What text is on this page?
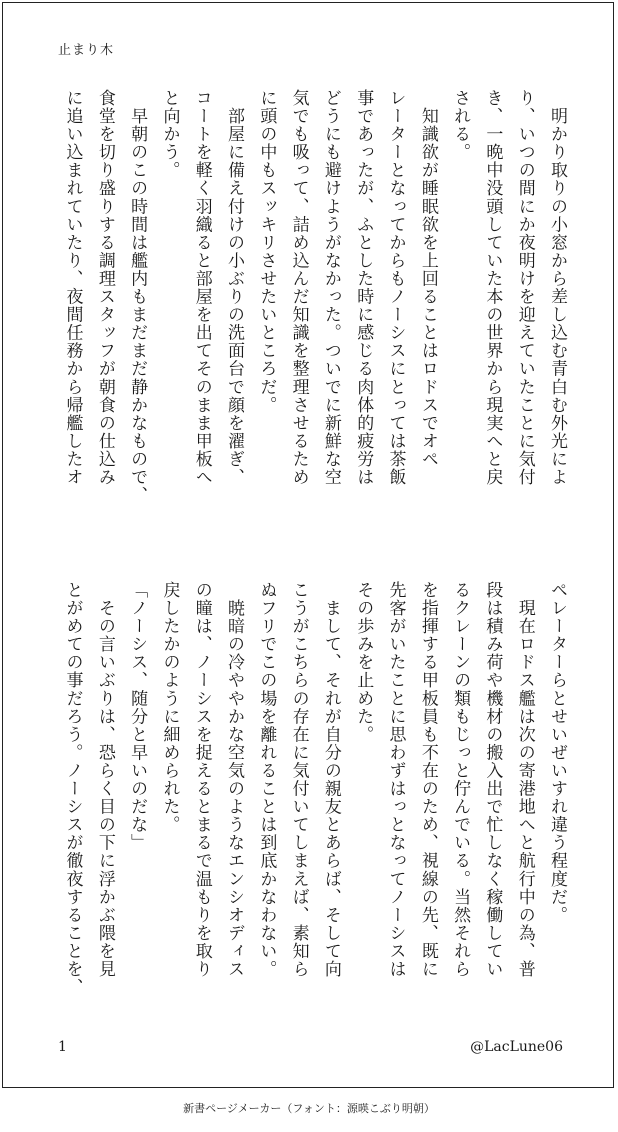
止まり木
　明かり取りの小窓から差し込む青白む外光によ
り、いつの間にか夜明けを迎えていたことに気付
き、一晩中没頭していた本の世界から現実へと戻
される。
　知識欲が睡眠欲を上回ることはロドスでオペ
レーターとなってからもノーシスにとっては茶飯
事であったが、ふとした時に感じる肉体的疲労は
どうにも避けようがなかった。ついでに新鮮な空
気でも吸って、詰め込んだ知識を整理させるため
に頭の中もスッキリさせたいところだ。
　部屋に備え付けの小ぶりの洗面台で顔を濯ぎ、
コートを軽く羽織ると部屋を出てそのまま甲板へ
と向かう。
　早朝のこの時間は艦内もまだまだ静かなもので、
食堂を切り盛りする調理スタッフが朝食の仕込み
に追い込まれていたり、夜間任務から帰艦したオ
ペレーターらとせいぜいすれ違う程度だ。
　現在ロドス艦は次の寄港地へと航行中の為、普
段は積み荷や機材の搬入出で忙しなく稼働してい
るクレーンの類もじっと佇んでいる。当然それら
を指揮する甲板員も不在のため、視線の先、既に
先客がいたことに思わずはっとなってノーシスは
その歩みを止めた。
　まして、それが自分の親友とあらば、そして向
こうがこちらの存在に気付いてしまえば、素知ら
ぬフリでこの場を離れることは到底かなわない。
　暁暗の冷ややかな空気のようなエンシオディス
の瞳は、ノーシスを捉えるとまるで温もりを取り
戻したかのように細められた。
「ノーシス、随分と早いのだな」
　その言いぶりは、恐らく目の下に浮かぶ隈を見
とがめての事だろう。ノーシスが徹夜することを、
1	@LacLune06
新書ページメーカー（フォント：源暎こぶり明朝）
